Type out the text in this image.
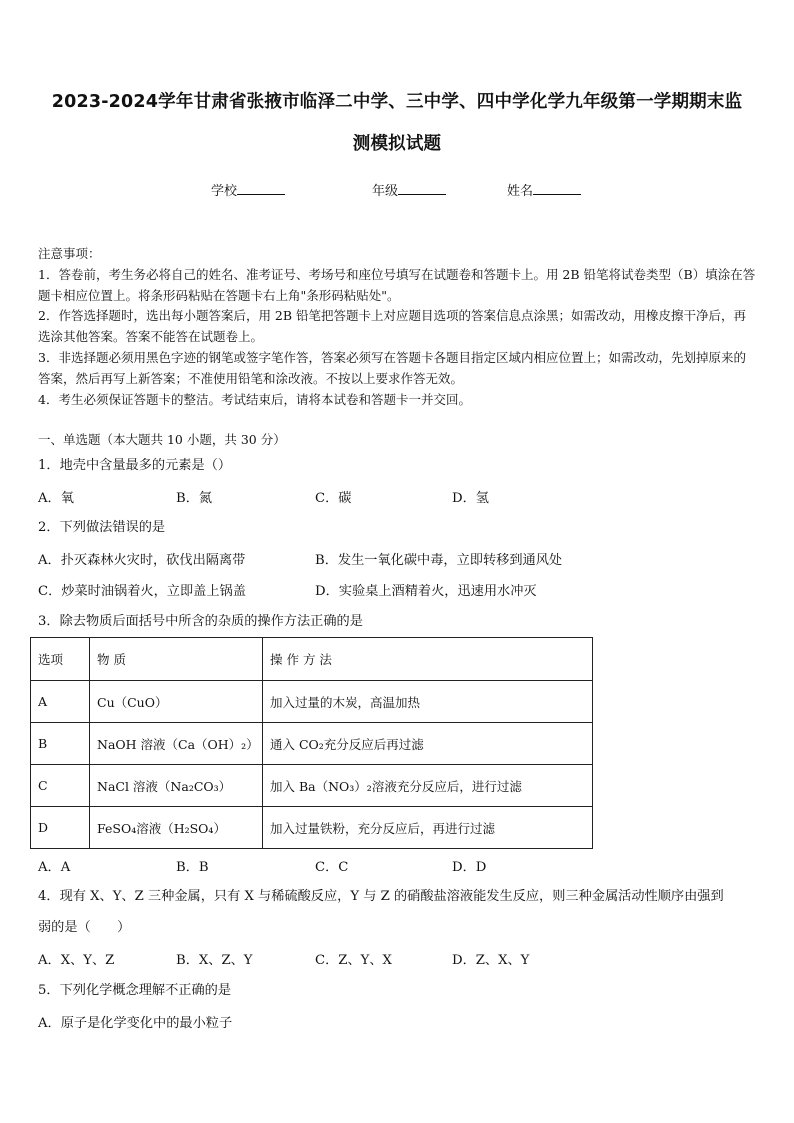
2023-2024学年甘肃省张掖市临泽二中学、三中学、四中学化学九年级第一学期期末监
测模拟试题
学校	年级	姓名

注意事项：

1．答卷前，考生务必将自己的姓名、准考证号、考场号和座位号填写在试题卷和答题卡上。用 2B 铅笔将试卷类型（B）填涂在答题卡相应位置上。将条形码粘贴在答题卡右上角"条形码粘贴处"。

2．作答选择题时，选出每小题答案后，用 2B 铅笔把答题卡上对应题目选项的答案信息点涂黑；如需改动，用橡皮擦干净后，再选涂其他答案。答案不能答在试题卷上。

3．非选择题必须用黑色字迹的钢笔或签字笔作答，答案必须写在答题卡各题目指定区域内相应位置上；如需改动，先划掉原来的答案，然后再写上新答案；不准使用铅笔和涂改液。不按以上要求作答无效。

4．考生必须保证答题卡的整洁。考试结束后，请将本试卷和答题卡一并交回。

一、单选题（本大题共 10 小题，共 30 分）
1．地壳中含量最多的元素是（）
A．氧	B．氮	C．碳	D．氢
2．下列做法错误的是
A．扑灭森林火灾时，砍伐出隔离带	B．发生一氧化碳中毒，立即转移到通风处
C．炒菜时油锅着火，立即盖上锅盖	D．实验桌上酒精着火，迅速用水冲灭
3．除去物质后面括号中所含的杂质的操作方法正确的是
选项	物 质	操 作 方 法
A	Cu（CuO）	加入过量的木炭，高温加热
B	NaOH 溶液（Ca（OH）₂）	通入 CO₂充分反应后再过滤
C	NaCl 溶液（Na₂CO₃）	加入 Ba（NO₃）₂溶液充分反应后，进行过滤
D	FeSO₄溶液（H₂SO₄）	加入过量铁粉，充分反应后，再进行过滤
A．A	B．B	C．C	D．D
4．现有 X、Y、Z 三种金属，只有 X 与稀硫酸反应，Y 与 Z 的硝酸盐溶液能发生反应，则三种金属活动性顺序由强到
弱的是（　　）
A．X、Y、Z	B．X、Z、Y	C．Z、Y、X	D．Z、X、Y
5．下列化学概念理解不正确的是
A．原子是化学变化中的最小粒子
